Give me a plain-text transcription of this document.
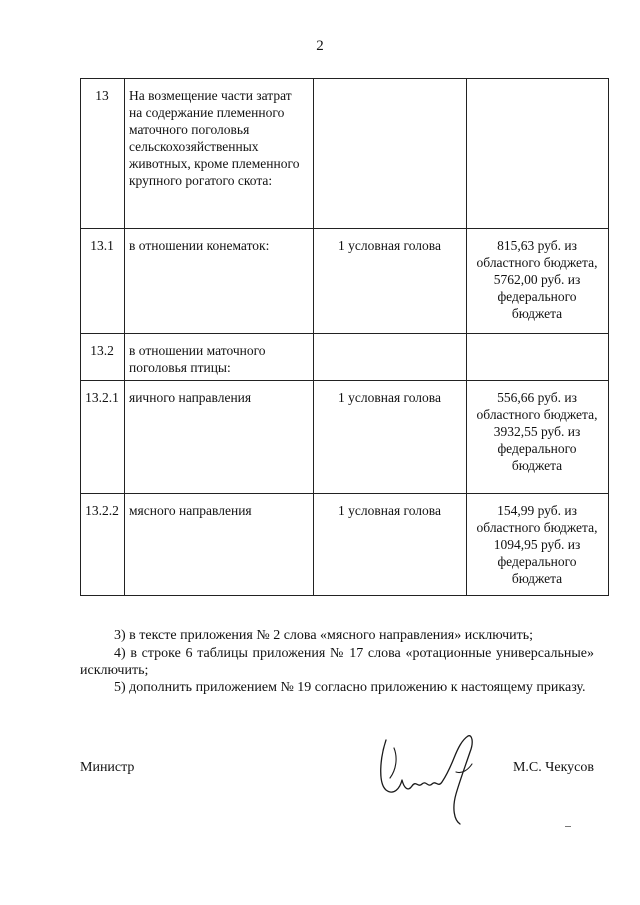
2
13	На возмещение части затрат на содержание племенного маточного поголовья сельскохозяйственных животных, кроме племенного крупного рогатого скота:		
13.1	в отношении конематок:	1 условная голова	815,63 руб. из областного бюджета, 5762,00 руб. из федерального бюджета
13.2	в отношении маточного поголовья птицы:		
13.2.1	яичного направления	1 условная голова	556,66 руб. из областного бюджета, 3932,55 руб. из федерального бюджета
13.2.2	мясного направления	1 условная голова	154,99 руб. из областного бюджета, 1094,95 руб. из федерального бюджета
3) в тексте приложения № 2 слова «мясного направления» исключить;
4) в строке 6 таблицы приложения № 17 слова «ротационные универсальные» исключить;
5) дополнить приложением № 19 согласно приложению к настоящему приказу.
Министр	М.С. Чекусов
